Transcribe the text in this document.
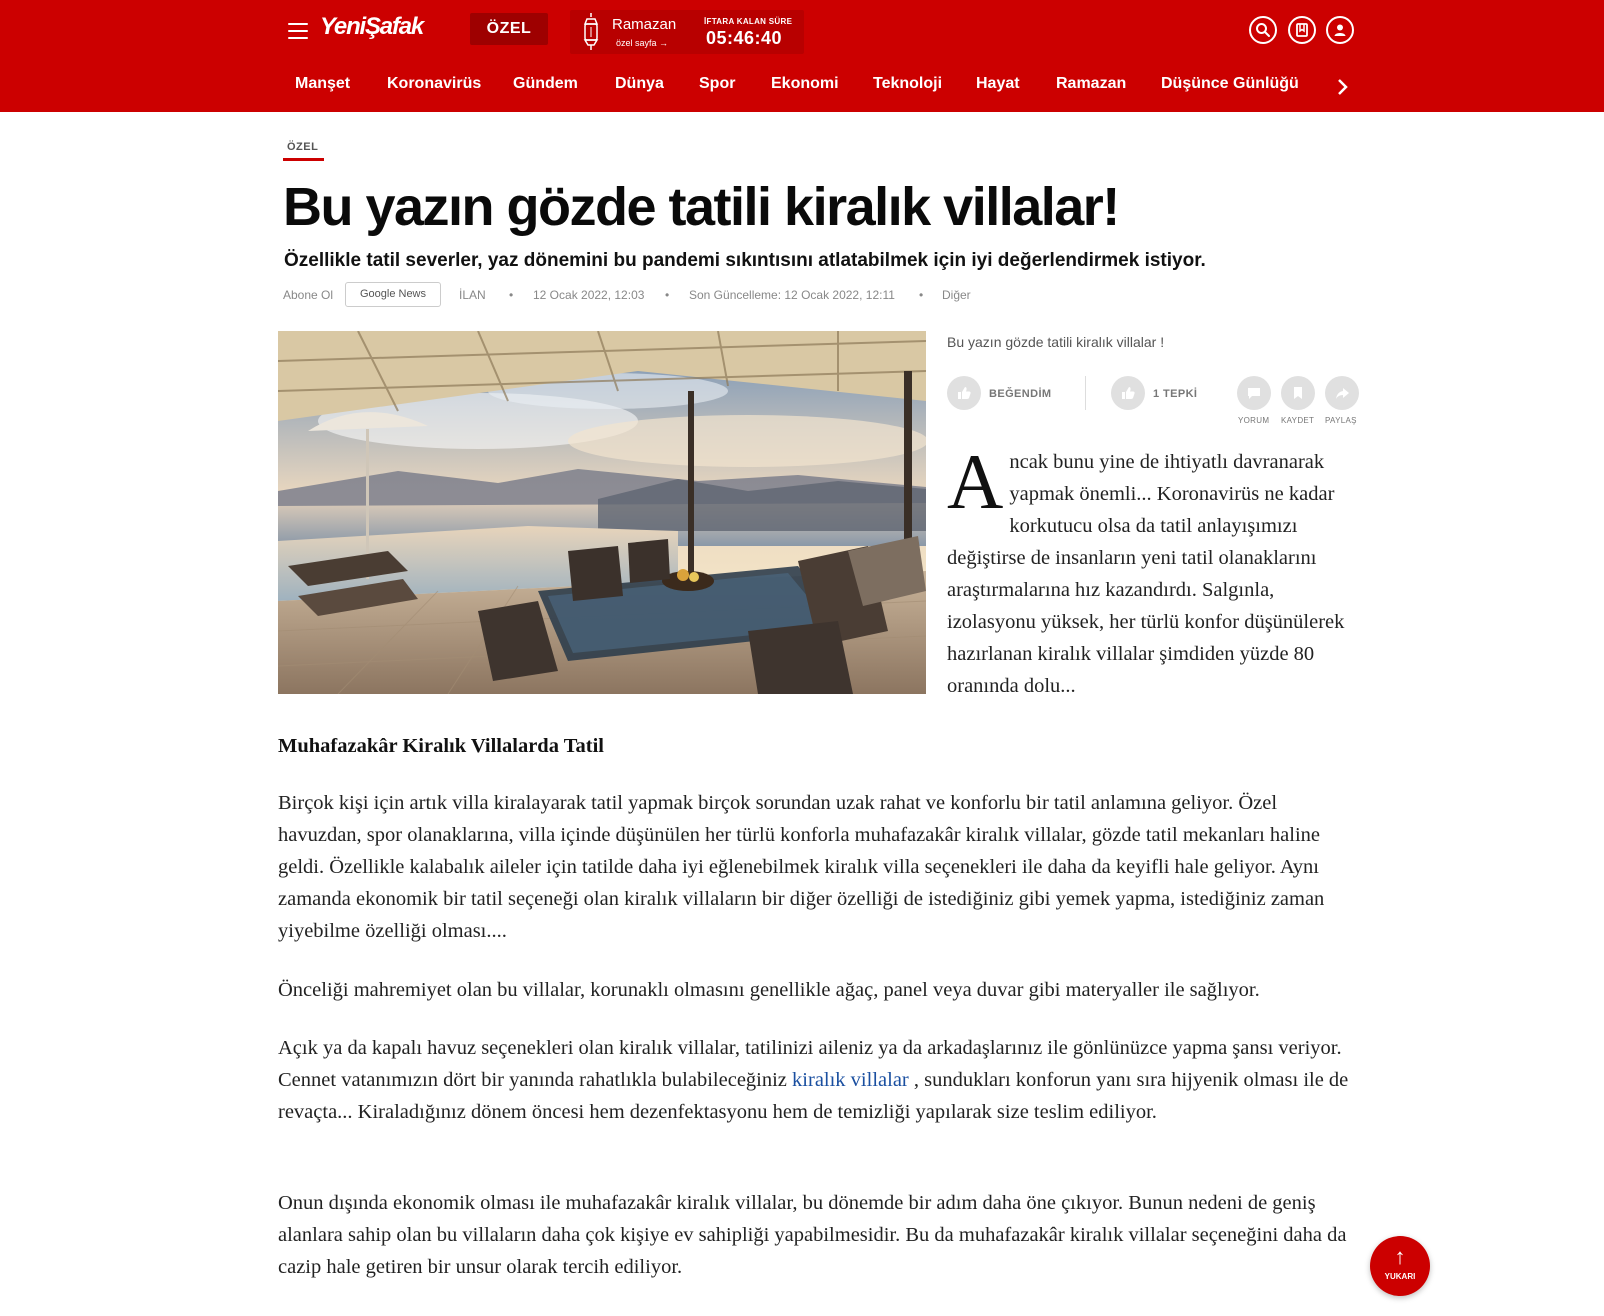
YeniŞafak	ÖZEL	Ramazan
özel sayfa →
İFTARA KALAN SÜRE
05:46:40
Manşet Koronavirüs Gündem Dünya Spor Ekonomi Teknoloji Hayat Ramazan Düşünce Günlüğü
ÖZEL
Bu yazın gözde tatili kiralık villalar!
Özellikle tatil severler, yaz dönemini bu pandemi sıkıntısını atlatabilmek için iyi değerlendirmek istiyor.
Abone Ol	Google News	İLAN • 12 Ocak 2022, 12:03 • Son Güncelleme: 12 Ocak 2022, 12:11 • Diğer
Bu yazın gözde tatili kiralık villalar !
BEĞENDİM	1 TEPKİ
YORUM KAYDET PAYLAŞ
Ancak bunu yine de ihtiyatlı davranarak yapmak önemli... Koronavirüs ne kadar korkutucu olsa da tatil anlayışımızı değiştirse de insanların yeni tatil olanaklarını araştırmalarına hız kazandırdı. Salgınla, izolasyonu yüksek, her türlü konfor düşünülerek hazırlanan kiralık villalar şimdiden yüzde 80 oranında dolu...
Muhafazakâr Kiralık Villalarda Tatil

Birçok kişi için artık villa kiralayarak tatil yapmak birçok sorundan uzak rahat ve konforlu bir tatil anlamına geliyor. Özel havuzdan, spor olanaklarına, villa içinde düşünülen her türlü konforla muhafazakâr kiralık villalar, gözde tatil mekanları haline geldi. Özellikle kalabalık aileler için tatilde daha iyi eğlenebilmek kiralık villa seçenekleri ile daha da keyifli hale geliyor. Aynı zamanda ekonomik bir tatil seçeneği olan kiralık villaların bir diğer özelliği de istediğiniz gibi yemek yapma, istediğiniz zaman yiyebilme özelliği olması....

Önceliği mahremiyet olan bu villalar, korunaklı olmasını genellikle ağaç, panel veya duvar gibi materyaller ile sağlıyor.

Açık ya da kapalı havuz seçenekleri olan kiralık villalar, tatilinizi aileniz ya da arkadaşlarınız ile gönlünüzce yapma şansı veriyor. Cennet vatanımızın dört bir yanında rahatlıkla bulabileceğiniz kiralık villalar , sundukları konforun yanı sıra hijyenik olması ile de revaçta... Kiraladığınız dönem öncesi hem dezenfektasyonu hem de temizliği yapılarak size teslim ediliyor.

Onun dışında ekonomik olması ile muhafazakâr kiralık villalar, bu dönemde bir adım daha öne çıkıyor. Bunun nedeni de geniş alanlara sahip olan bu villaların daha çok kişiye ev sahipliği yapabilmesidir. Bu da muhafazakâr kiralık villalar seçeneğini daha da cazip hale getiren bir unsur olarak tercih ediliyor.	↑
YUKARI
